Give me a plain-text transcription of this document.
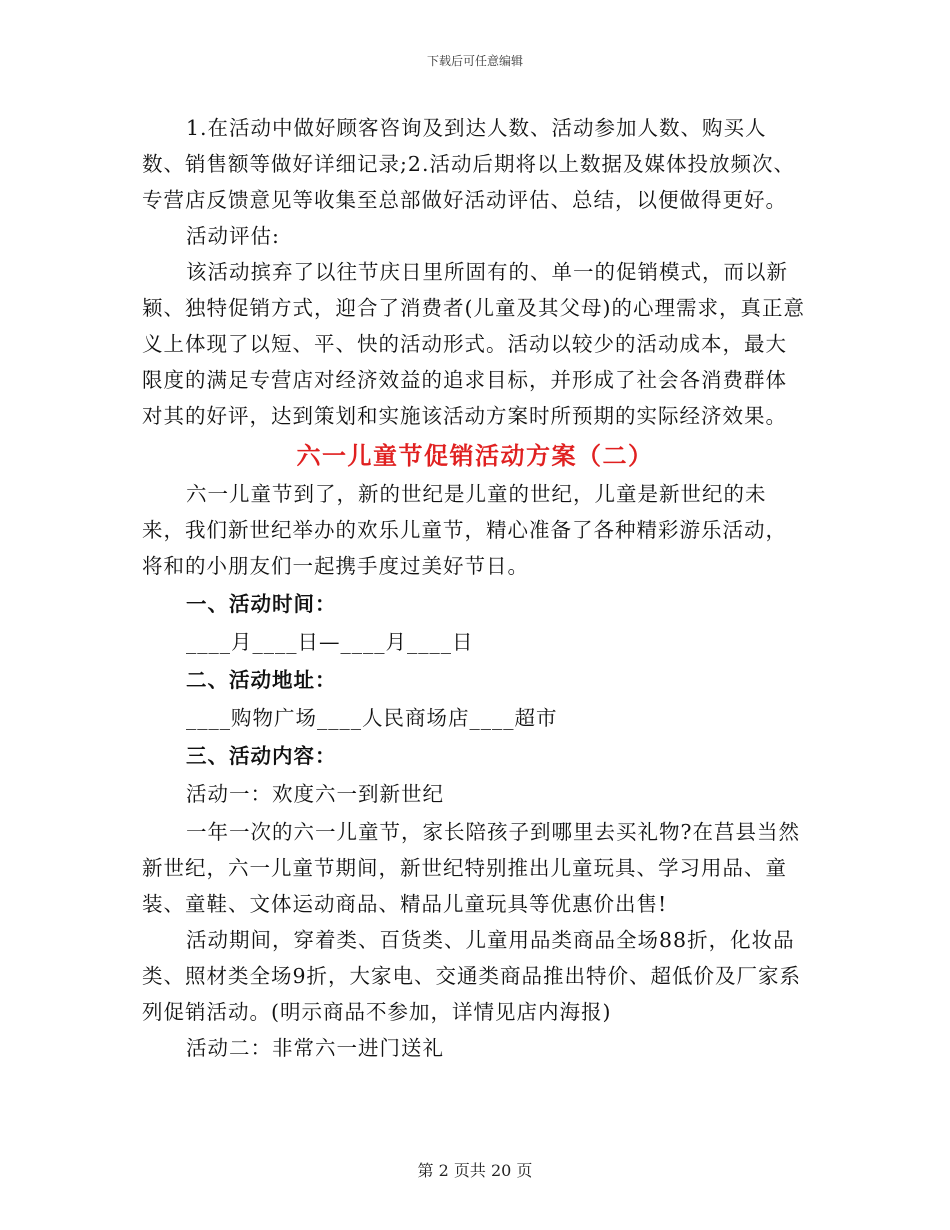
下载后可任意编辑

1.在活动中做好顾客咨询及到达人数、活动参加人数、购买人数、销售额等做好详细记录;2.活动后期将以上数据及媒体投放频次、专营店反馈意见等收集至总部做好活动评估、总结，以便做得更好。

活动评估:

该活动摈弃了以往节庆日里所固有的、单一的促销模式，而以新颖、独特促销方式，迎合了消费者(儿童及其父母)的心理需求，真正意义上体现了以短、平、快的活动形式。活动以较少的活动成本，最大限度的满足专营店对经济效益的追求目标，并形成了社会各消费群体对其的好评，达到策划和实施该活动方案时所预期的实际经济效果。

六一儿童节促销活动方案（二）

六一儿童节到了，新的世纪是儿童的世纪，儿童是新世纪的未来，我们新世纪举办的欢乐儿童节，精心准备了各种精彩游乐活动，将和的小朋友们一起携手度过美好节日。

一、活动时间：

____月____日—____月____日

二、活动地址：

____购物广场____人民商场店____超市

三、活动内容：

活动一：欢度六一到新世纪

一年一次的六一儿童节，家长陪孩子到哪里去买礼物?在莒县当然新世纪，六一儿童节期间，新世纪特别推出儿童玩具、学习用品、童装、童鞋、文体运动商品、精品儿童玩具等优惠价出售!

活动期间，穿着类、百货类、儿童用品类商品全场88折，化妆品类、照材类全场9折，大家电、交通类商品推出特价、超低价及厂家系列促销活动。(明示商品不参加，详情见店内海报)

活动二：非常六一进门送礼

第 2 页共 20 页
